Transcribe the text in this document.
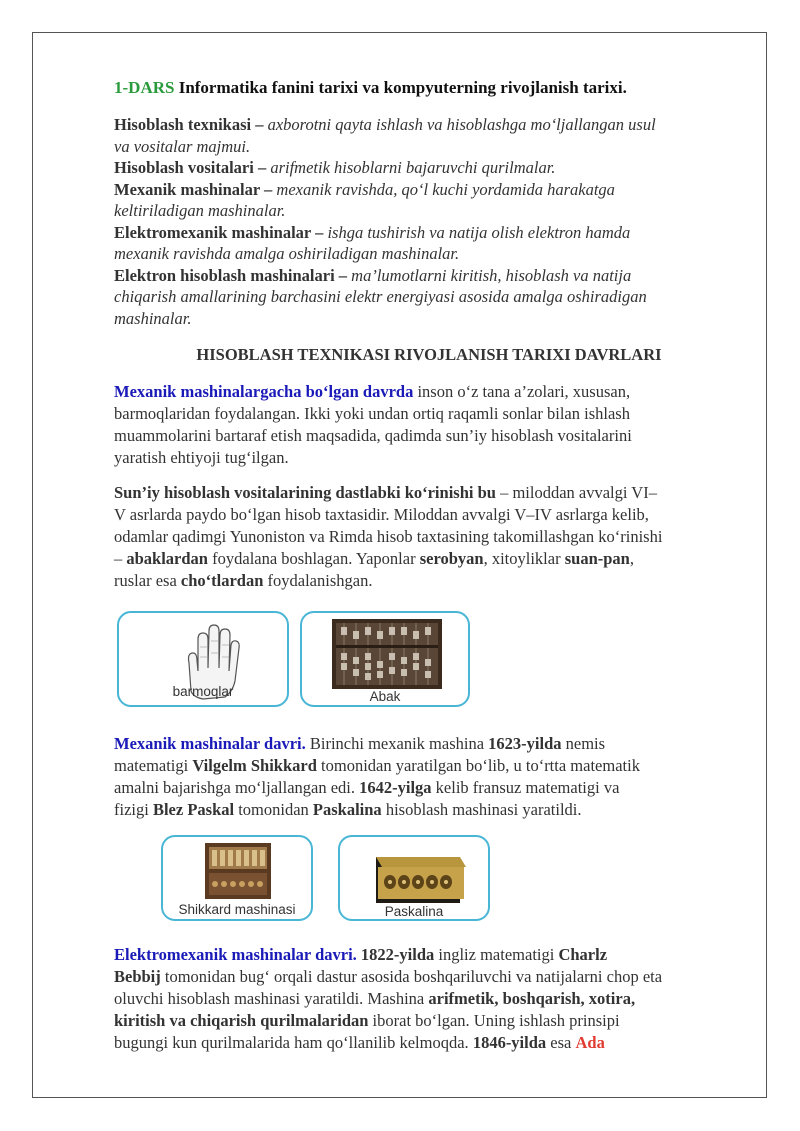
1-DARS Informatika fanini tarixi va kompyuterning rivojlanish tarixi.

Hisoblash texnikasi – axborotni qayta ishlash va hisoblashga mo‘ljallangan usul
va vositalar majmui.

Hisoblash vositalari – arifmetik hisoblarni bajaruvchi qurilmalar.

Mexanik mashinalar – mexanik ravishda, qo‘l kuchi yordamida harakatga
keltiriladigan mashinalar.

Elektromexanik mashinalar – ishga tushirish va natija olish elektron hamda
mexanik ravishda amalga oshiriladigan mashinalar.

Elektron hisoblash mashinalari – ma’lumotlarni kiritish, hisoblash va natija
chiqarish amallarining barchasini elektr energiyasi asosida amalga oshiradigan
mashinalar.

HISOBLASH TEXNIKASI RIVOJLANISH TARIXI DAVRLARI

Mexanik mashinalargacha bo‘lgan davrda inson o‘z tana a’zolari, xususan,
barmoqlaridan foydalangan. Ikki yoki undan ortiq raqamli sonlar bilan ishlash
muammolarini bartaraf etish maqsadida, qadimda sun’iy hisoblash vositalarini
yaratish ehtiyoji tug‘ilgan.

Sun’iy hisoblash vositalarining dastlabki ko‘rinishi bu – miloddan avvalgi VI–
V asrlarda paydo bo‘lgan hisob taxtasidir. Miloddan avvalgi V–IV asrlarga kelib,
odamlar qadimgi Yunoniston va Rimda hisob taxtasining takomillashgan ko‘rinishi
– abaklardan foydalana boshlagan. Yaponlar serobyan, xitoyliklar suan-pan,
ruslar esa cho‘tlardan foydalanishgan.

barmoqlar	Abak

Mexanik mashinalar davri. Birinchi mexanik mashina 1623-yilda nemis
matematigi Vilgelm Shikkard tomonidan yaratilgan bo‘lib, u to‘rtta matematik
amalni bajarishga mo‘ljallangan edi. 1642-yilga kelib fransuz matematigi va
fizigi Blez Paskal tomonidan Paskalina hisoblash mashinasi yaratildi.

Shikkard mashinasi	Paskalina

Elektromexanik mashinalar davri. 1822-yilda ingliz matematigi Charlz
Bebbij tomonidan bug‘ orqali dastur asosida boshqariluvchi va natijalarni chop eta
oluvchi hisoblash mashinasi yaratildi. Mashina arifmetik, boshqarish, xotira,
kiritish va chiqarish qurilmalaridan iborat bo‘lgan. Uning ishlash prinsipi
bugungi kun qurilmalarida ham qo‘llanilib kelmoqda. 1846-yilda esa Ada
